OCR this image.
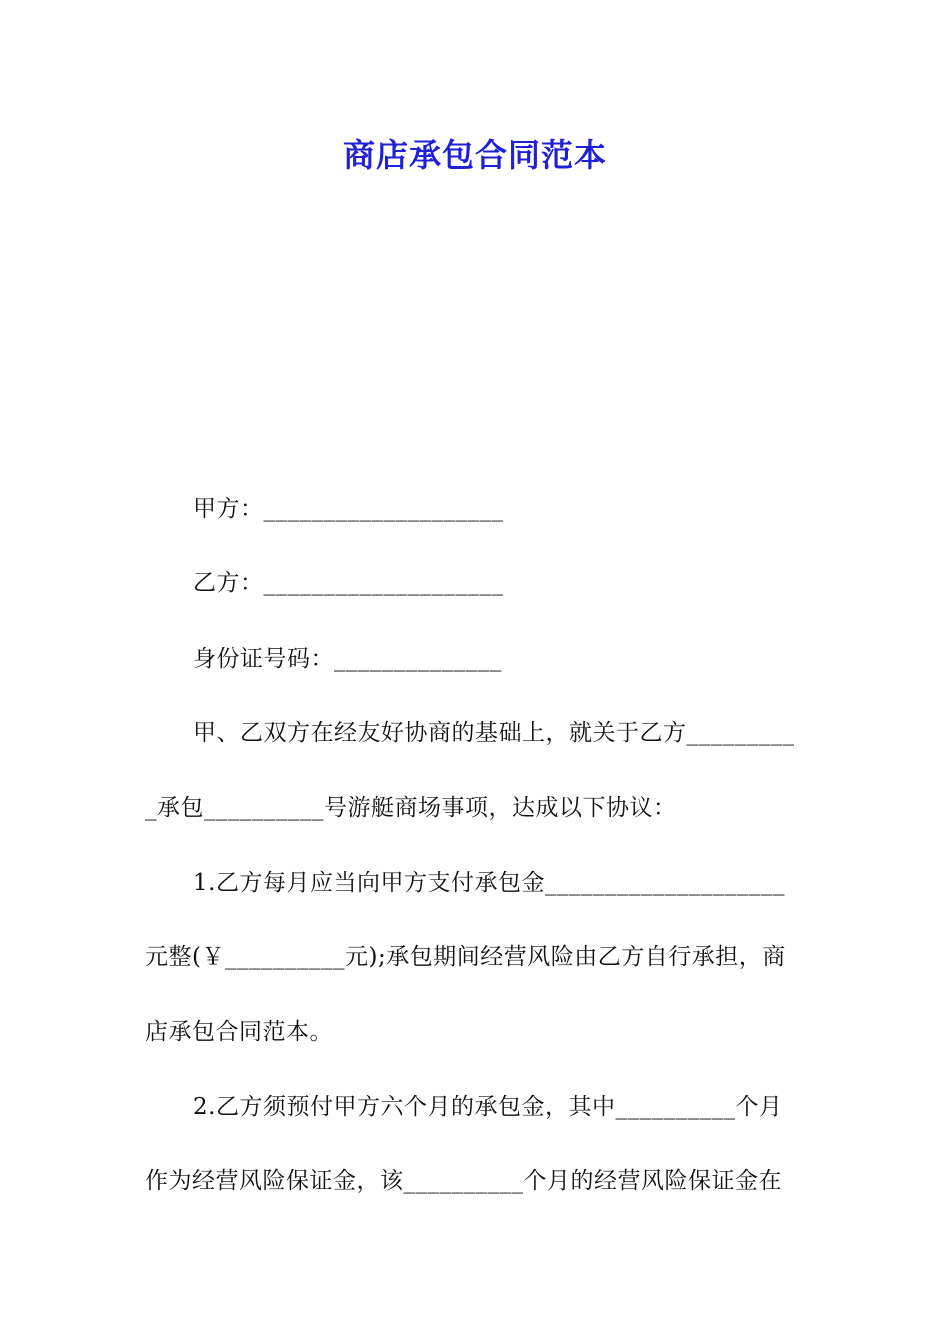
商店承包合同范本
甲方：____________________
乙方：____________________
身份证号码：______________
甲、乙双方在经友好协商的基础上，就关于乙方_________
_承包__________号游艇商场事项，达成以下协议：
1.乙方每月应当向甲方支付承包金____________________
元整(￥__________元);承包期间经营风险由乙方自行承担，商
店承包合同范本。
2.乙方须预付甲方六个月的承包金，其中__________个月
作为经营风险保证金，该__________个月的经营风险保证金在
